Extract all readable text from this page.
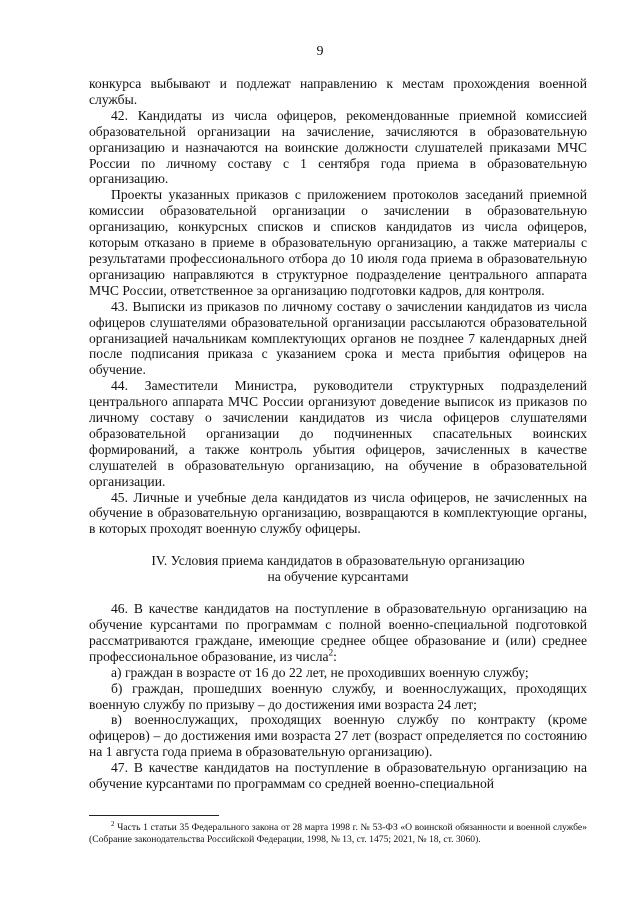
9

конкурса выбывают и подлежат направлению к местам прохождения военной службы.

42. Кандидаты из числа офицеров, рекомендованные приемной комиссией образовательной организации на зачисление, зачисляются в образовательную организацию и назначаются на воинские должности слушателей приказами МЧС России по личному составу с 1 сентября года приема в образовательную организацию.

Проекты указанных приказов с приложением протоколов заседаний приемной комиссии образовательной организации о зачислении в образовательную организацию, конкурсных списков и списков кандидатов из числа офицеров, которым отказано в приеме в образовательную организацию, а также материалы с результатами профессионального отбора до 10 июля года приема в образовательную организацию направляются в структурное подразделение центрального аппарата МЧС России, ответственное за организацию подготовки кадров, для контроля.

43. Выписки из приказов по личному составу о зачислении кандидатов из числа офицеров слушателями образовательной организации рассылаются образовательной организацией начальникам комплектующих органов не позднее 7 календарных дней после подписания приказа с указанием срока и места прибытия офицеров на обучение.

44. Заместители Министра, руководители структурных подразделений центрального аппарата МЧС России организуют доведение выписок из приказов по личному составу о зачислении кандидатов из числа офицеров слушателями образовательной организации до подчиненных спасательных воинских формирований, а также контроль убытия офицеров, зачисленных в качестве слушателей в образовательную организацию, на обучение в образовательной организации.

45. Личные и учебные дела кандидатов из числа офицеров, не зачисленных на обучение в образовательную организацию, возвращаются в комплектующие органы, в которых проходят военную службу офицеры.

IV. Условия приема кандидатов в образовательную организацию
на обучение курсантами

46. В качестве кандидатов на поступление в образовательную организацию на обучение курсантами по программам с полной военно-специальной подготовкой рассматриваются граждане, имеющие среднее общее образование и (или) среднее профессиональное образование, из числа$^2$:

а) граждан в возрасте от 16 до 22 лет, не проходивших военную службу;

б) граждан, прошедших военную службу, и военнослужащих, проходящих военную службу по призыву – до достижения ими возраста 24 лет;

в) военнослужащих, проходящих военную службу по контракту (кроме офицеров) – до достижения ими возраста 27 лет (возраст определяется по состоянию на 1 августа года приема в образовательную организацию).

47. В качестве кандидатов на поступление в образовательную организацию на обучение курсантами по программам со средней военно-специальной

$^2$ Часть 1 статьи 35 Федерального закона от 28 марта 1998 г. № 53-ФЗ «О воинской обязанности и военной службе» (Собрание законодательства Российской Федерации, 1998, № 13, ст. 1475; 2021, № 18, ст. 3060).
